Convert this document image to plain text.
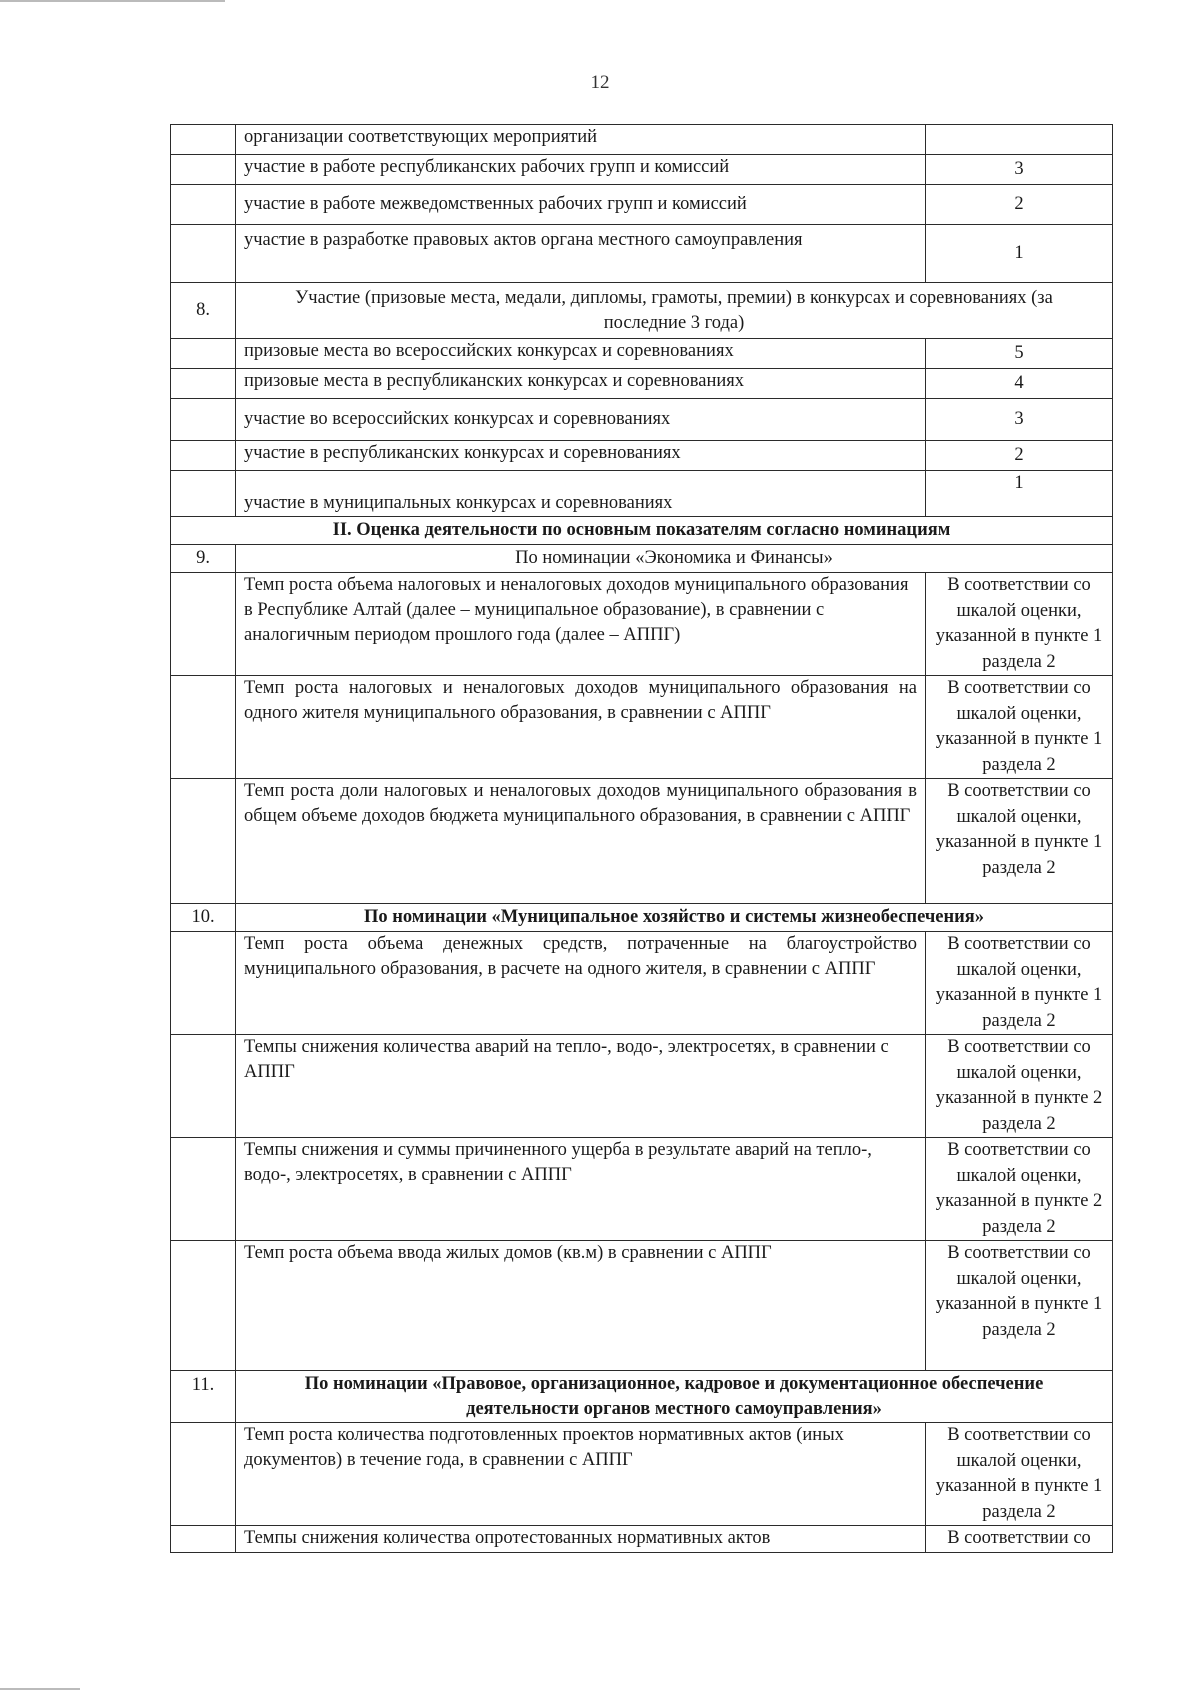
12
	организации соответствующих мероприятий	
	участие в работе республиканских рабочих групп и комиссий	3
	участие в работе межведомственных рабочих групп и комиссий	2
	участие в разработке правовых актов органа местного самоуправления	1
8.	Участие (призовые места, медали, дипломы, грамоты, премии) в конкурсах и соревнованиях (за последние 3 года)	
	призовые места во всероссийских конкурсах и соревнованиях	5
	призовые места в республиканских конкурсах и соревнованиях	4
	участие во всероссийских конкурсах и соревнованиях	3
	участие в республиканских конкурсах и соревнованиях	2
	участие в муниципальных конкурсах и соревнованиях	1
II. Оценка деятельности по основным показателям согласно номинациям		
9.	По номинации «Экономика и Финансы»	
	Темп роста объема налоговых и неналоговых доходов муниципального образования в Республике Алтай (далее – муниципальное образование), в сравнении с аналогичным периодом прошлого года (далее – АППГ)	В соответствии со шкалой оценки, указанной в пункте 1 раздела 2
	Темп роста налоговых и неналоговых доходов муниципального образования на одного жителя муниципального образования, в сравнении с АППГ	В соответствии со шкалой оценки, указанной в пункте 1 раздела 2
	Темп роста доли налоговых и неналоговых доходов муниципального образования в общем объеме доходов бюджета муниципального образования, в сравнении с АППГ	В соответствии со шкалой оценки, указанной в пункте 1 раздела 2
10.	По номинации «Муниципальное хозяйство и системы жизнеобеспечения»	
	Темп роста объема денежных средств, потраченные на благоустройство муниципального образования, в расчете на одного жителя, в сравнении с АППГ	В соответствии со шкалой оценки, указанной в пункте 1 раздела 2
	Темпы снижения количества аварий на тепло-, водо-, электросетях, в сравнении с АППГ	В соответствии со шкалой оценки, указанной в пункте 2 раздела 2
	Темпы снижения и суммы причиненного ущерба в результате аварий на тепло-, водо-, электросетях, в сравнении с АППГ	В соответствии со шкалой оценки, указанной в пункте 2 раздела 2
	Темп роста объема ввода жилых домов (кв.м) в сравнении с АППГ	В соответствии со шкалой оценки, указанной в пункте 1 раздела 2
11.	По номинации «Правовое, организационное, кадровое и документационное обеспечение деятельности органов местного самоуправления»	
	Темп роста количества подготовленных проектов нормативных актов (иных документов) в течение года, в сравнении с АППГ	В соответствии со шкалой оценки, указанной в пункте 1 раздела 2
	Темпы снижения количества опротестованных нормативных актов	В соответствии со
